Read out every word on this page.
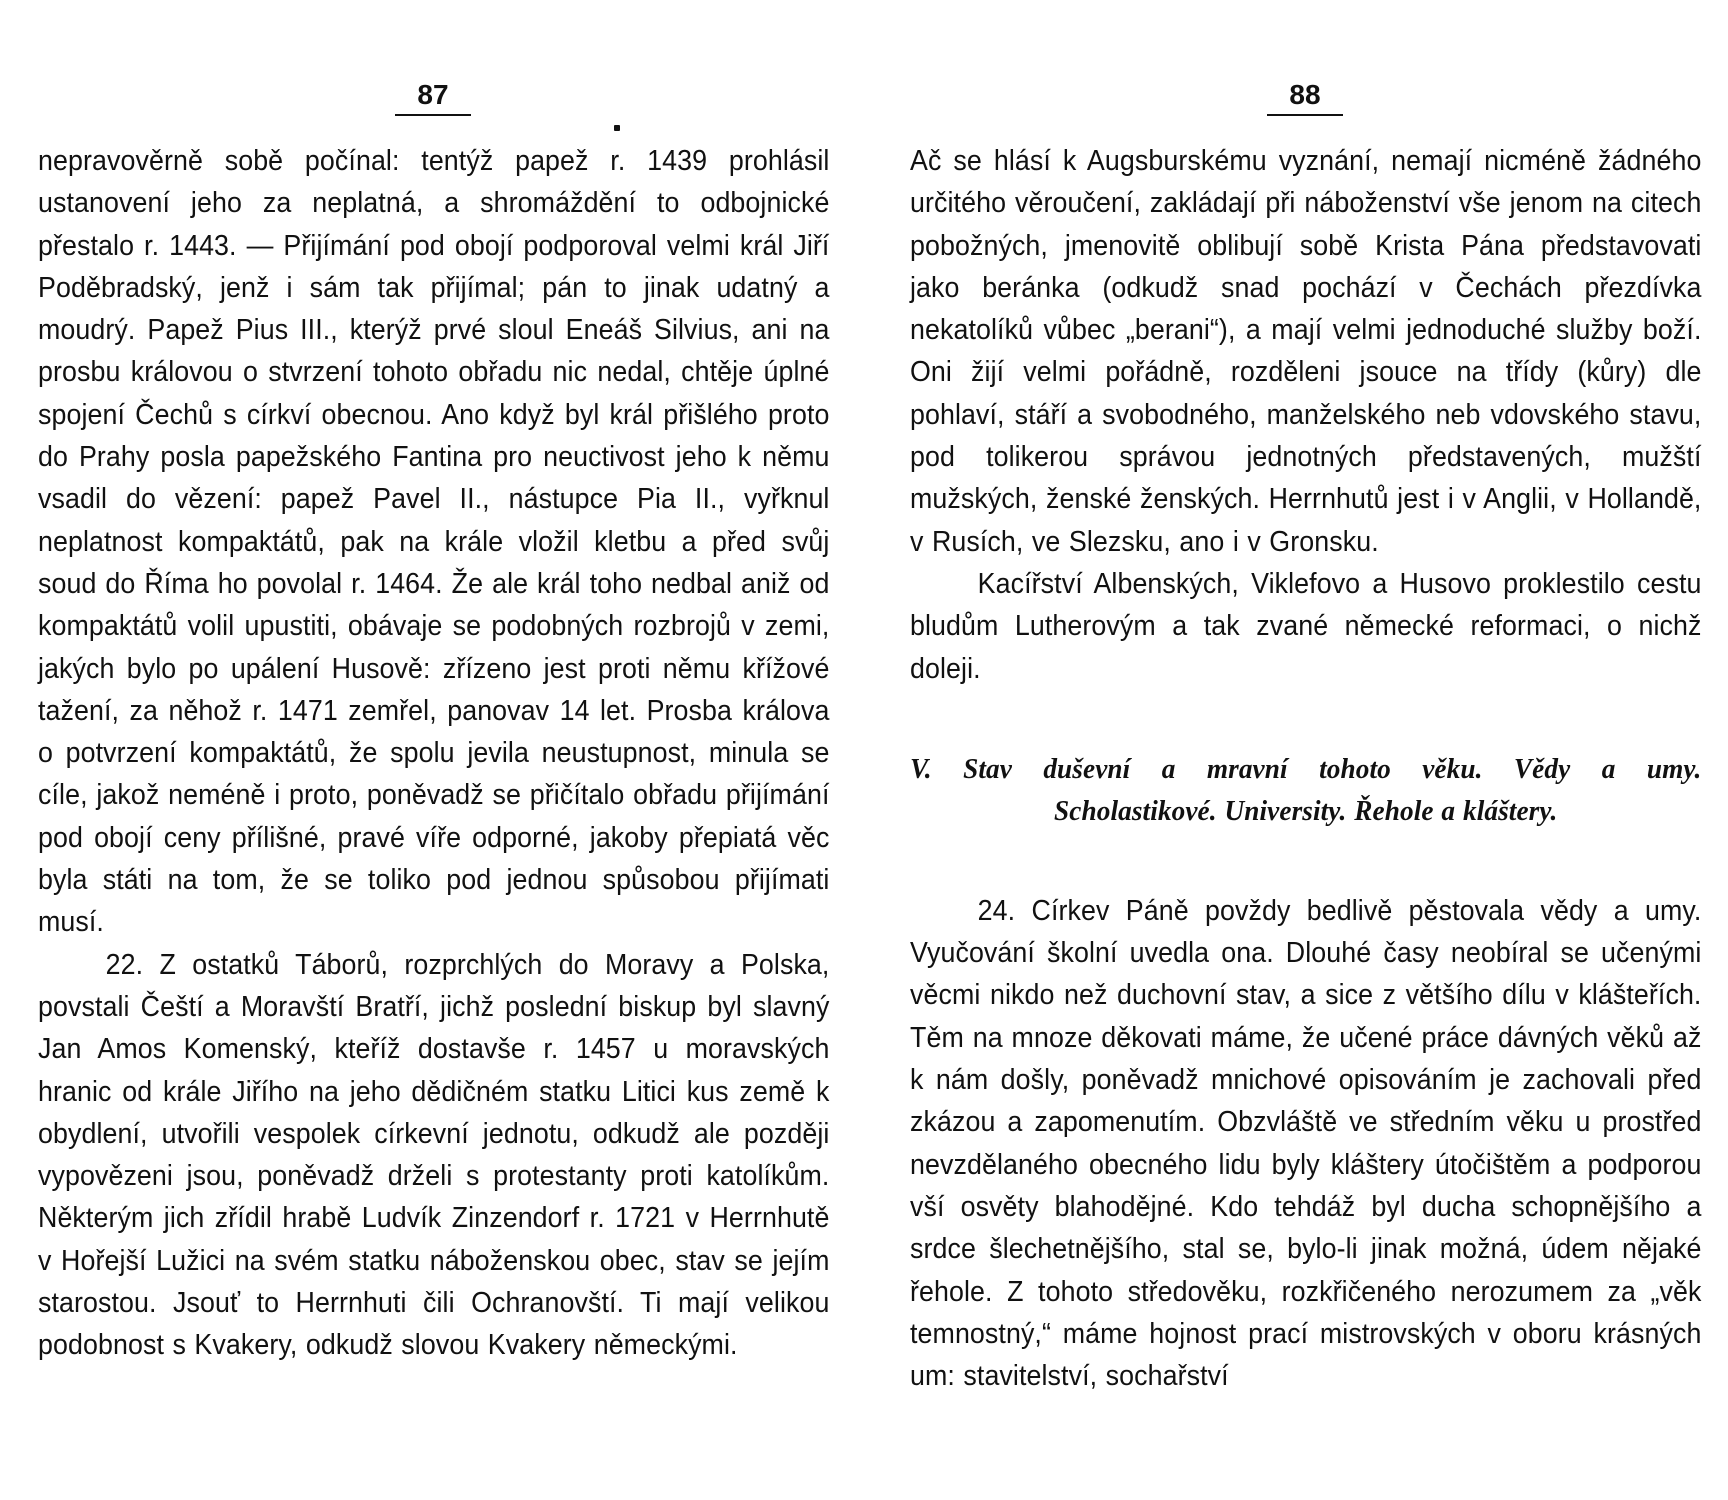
87

nepravověrně sobě počínal: tentýž papež r. 1439 prohlásil ustanovení jeho za neplatná, a shromáždění to odbojnické přestalo r. 1443. — Přijímání pod obojí podporoval velmi král Jiří Poděbradský, jenž i sám tak přijímal; pán to jinak udatný a moudrý. Papež Pius III., kterýž prvé sloul Eneáš Silvius, ani na prosbu královou o stvrzení tohoto obřadu nic nedal, chtěje úplné spojení Čechů s církví obecnou. Ano když byl král přišlého proto do Prahy posla papežského Fantina pro neuctivost jeho k němu vsadil do vězení: papež Pavel II., nástupce Pia II., vyřknul neplatnost kompaktátů, pak na krále vložil kletbu a před svůj soud do Říma ho povolal r. 1464. Že ale král toho nedbal aniž od kompaktátů volil upustiti, obávaje se podobných rozbrojů v zemi, jakých bylo po upálení Husově: zřízeno jest proti němu křížové tažení, za něhož r. 1471 zemřel, panovav 14 let. Prosba králova o potvrzení kompaktátů, že spolu jevila neustupnost, minula se cíle, jakož neméně i proto, poněvadž se přičítalo obřadu přijímání pod obojí ceny přílišné, pravé víře odporné, jakoby přepiatá věc byla státi na tom, že se toliko pod jednou spůsobou přijímati musí.

22. Z ostatků Táborů, rozprchlých do Moravy a Polska, povstali Čeští a Moravští Bratří, jichž poslední biskup byl slavný Jan Amos Komenský, kteříž dostavše r. 1457 u moravských hranic od krále Jiřího na jeho dědičném statku Litici kus země k obydlení, utvořili vespolek církevní jednotu, odkudž ale později vypovězeni jsou, poněvadž drželi s protestanty proti katolíkům. Některým jich zřídil hrabě Ludvík Zinzendorf r. 1721 v Herrnhutě v Hořejší Lužici na svém statku náboženskou obec, stav se jejím starostou. Jsouť to Herrnhuti čili Ochranovští. Ti mají velikou podobnost s Kvakery, odkudž slovou Kvakery německými.

88

Ač se hlásí k Augsburskému vyznání, nemají nicméně žádného určitého věroučení, zakládají při náboženství vše jenom na citech pobožných, jmenovitě oblibují sobě Krista Pána představovati jako beránka (odkudž snad pochází v Čechách přezdívka nekatolíků vůbec „berani“), a mají velmi jednoduché služby boží. Oni žijí velmi pořádně, rozděleni jsouce na třídy (kůry) dle pohlaví, stáří a svobodného, manželského neb vdovského stavu, pod tolikerou správou jednotných představených, mužští mužských, ženské ženských. Herrnhutů jest i v Anglii, v Hollandě, v Rusích, ve Slezsku, ano i v Gronsku.

Kacířství Albenských, Viklefovo a Husovo proklestilo cestu bludům Lutherovým a tak zvané německé reformaci, o nichž doleji.

V. Stav duševní a mravní tohoto věku. Vědy a umy.
Scholastikové. University. Řehole a kláštery.

24. Církev Páně povždy bedlivě pěstovala vědy a umy. Vyučování školní uvedla ona. Dlouhé časy neobíral se učenými věcmi nikdo než duchovní stav, a sice z většího dílu v klášteřích. Těm na mnoze děkovati máme, že učené práce dávných věků až k nám došly, poněvadž mnichové opisováním je zachovali před zkázou a zapomenutím. Obzvláště ve středním věku u prostřed nevzdělaného obecného lidu byly kláštery útočištěm a podporou vší osvěty blahodějné. Kdo tehdáž byl ducha schopnějšího a srdce šlechetnějšího, stal se, bylo-li jinak možná, údem nějaké řehole. Z tohoto středověku, rozkřičeného nerozumem za „věk temnostný,“ máme hojnost prací mistrovských v oboru krásných um: stavitelství, sochařství
